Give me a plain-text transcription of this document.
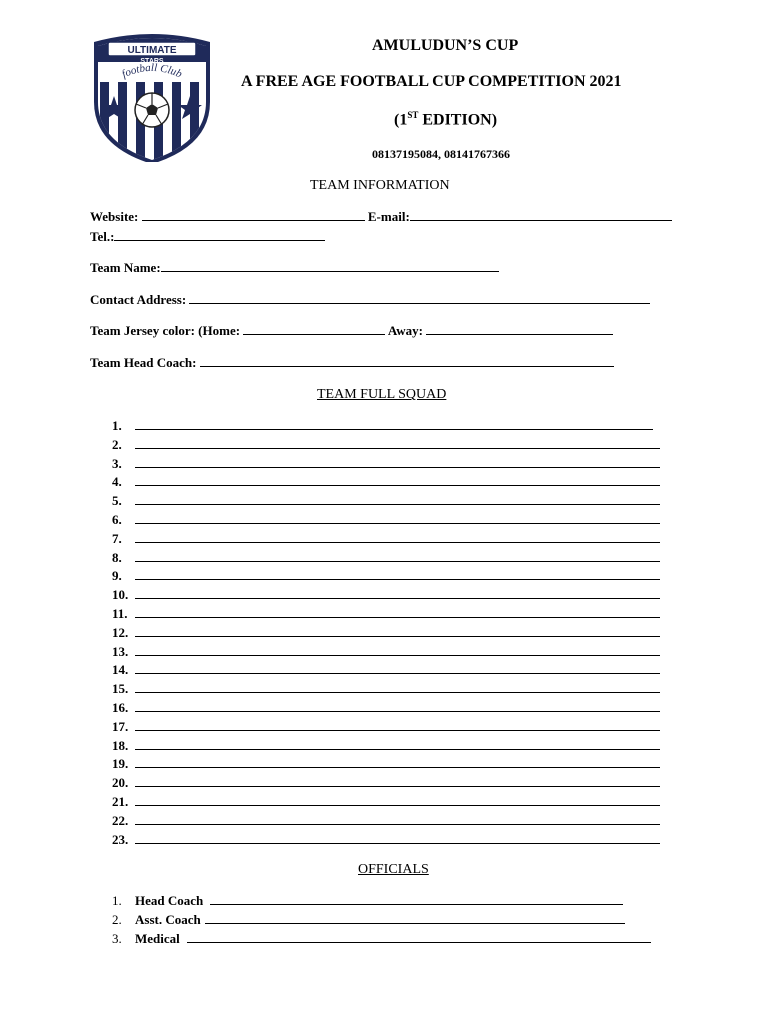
ULTIMATE
STARS
football Club
AMULUDUN’S CUP
A FREE AGE FOOTBALL CUP COMPETITION 2021
(1ST EDITION)
08137195084, 08141767366
TEAM INFORMATION
Website:	E-mail:
Tel.:
Team Name:
Contact Address:
Team Jersey color: (Home:	Away:
Team Head Coach:
TEAM FULL SQUAD
1.
2.
3.
4.
5.
6.
7.
8.
9.
10.
11.
12.
13.
14.
15.
16.
17.
18.
19.
20.
21.
22.
23.
OFFICIALS
1. Head Coach
2. Asst. Coach
3. Medical
